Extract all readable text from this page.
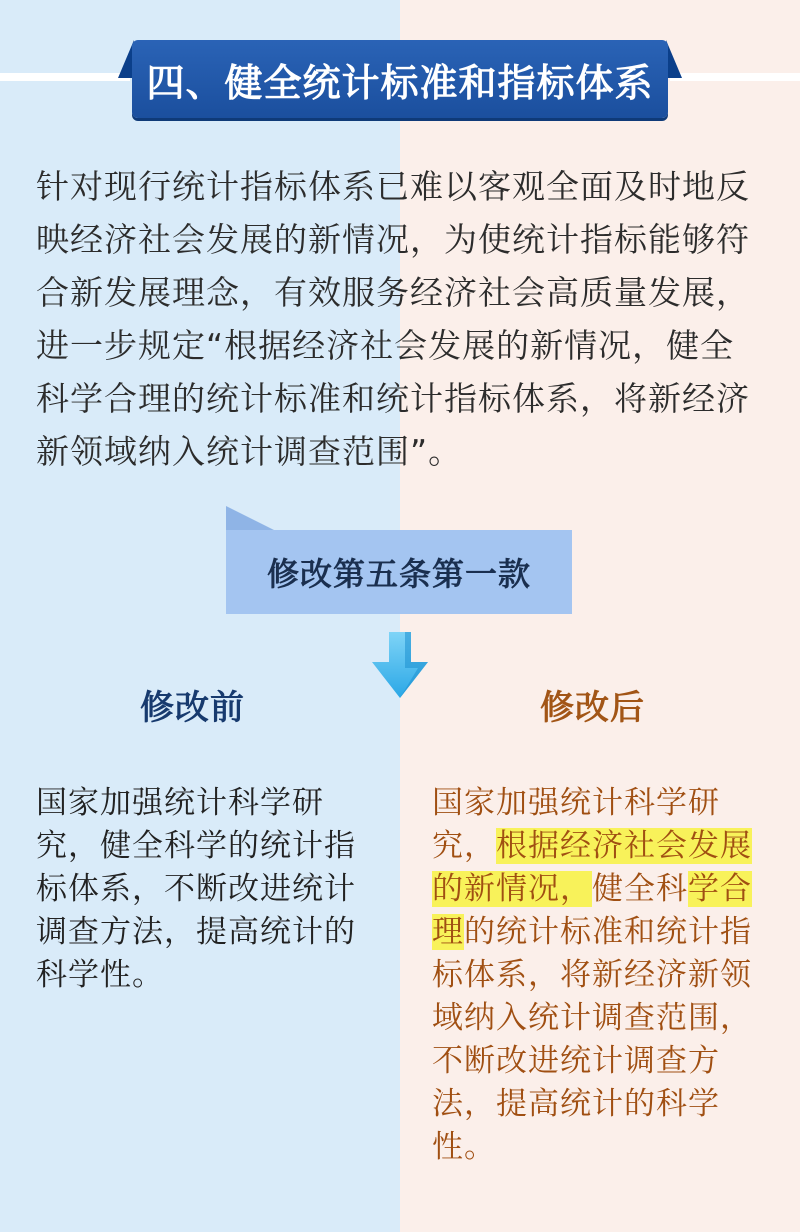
四、健全统计标准和指标体系

针对现行统计指标体系已难以客观全面及时地反映经济社会发展的新情况，为使统计指标能够符合新发展理念，有效服务经济社会高质量发展，进一步规定“根据经济社会发展的新情况，健全科学合理的统计标准和统计指标体系，将新经济新领域纳入统计调查范围”。

修改第五条第一款
修改前	修改后

国家加强统计科学研究，健全科学的统计指标体系，不断改进统计调查方法，提高统计的科学性。

国家加强统计科学研究，根据经济社会发展的新情况，健全科学合理的统计标准和统计指标体系，将新经济新领域纳入统计调查范围，不断改进统计调查方法，提高统计的科学性。
